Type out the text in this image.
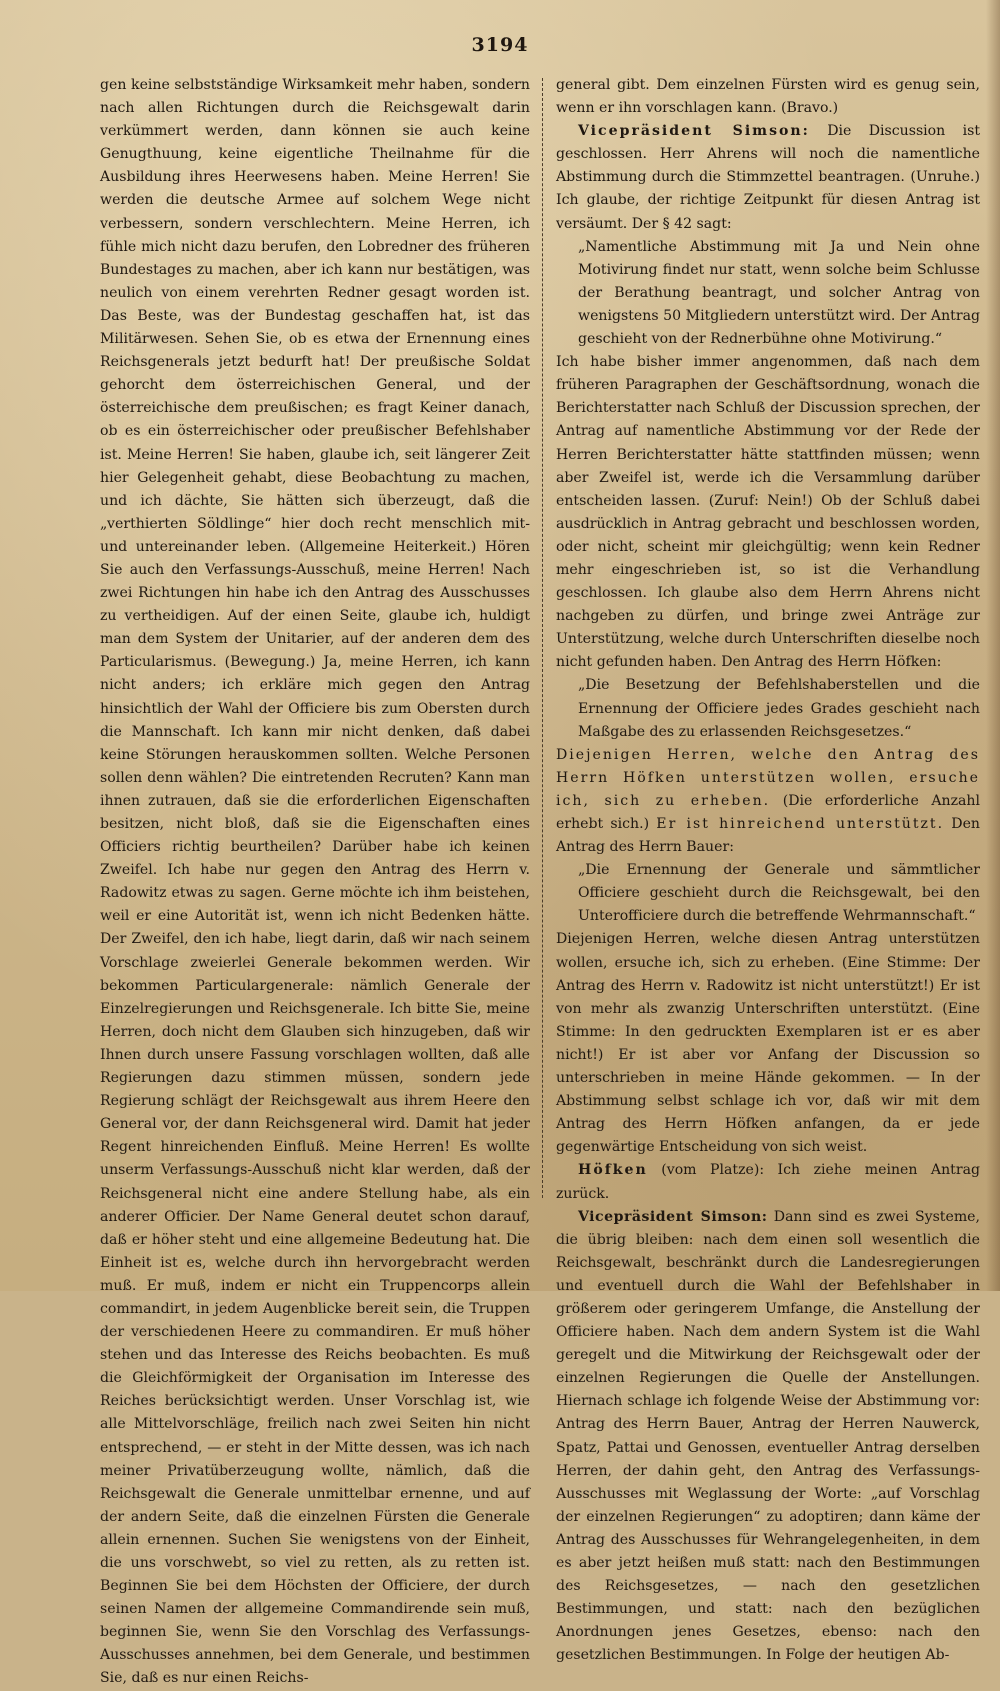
3194

gen keine selbstständige Wirksamkeit mehr haben, sondern nach allen Richtungen durch die Reichsgewalt darin verkümmert werden, dann können sie auch keine Genugthuung, keine eigentliche Theilnahme für die Ausbildung ihres Heerwesens haben. Meine Herren! Sie werden die deutsche Armee auf solchem Wege nicht verbessern, sondern verschlechtern. Meine Herren, ich fühle mich nicht dazu berufen, den Lobredner des früheren Bundestages zu machen, aber ich kann nur bestätigen, was neulich von einem verehrten Redner gesagt worden ist. Das Beste, was der Bundestag geschaffen hat, ist das Militärwesen. Sehen Sie, ob es etwa der Ernennung eines Reichsgenerals jetzt bedurft hat! Der preußische Soldat gehorcht dem österreichischen General, und der österreichische dem preußischen; es fragt Keiner danach, ob es ein österreichischer oder preußischer Befehlshaber ist. Meine Herren! Sie haben, glaube ich, seit längerer Zeit hier Gelegenheit gehabt, diese Beobachtung zu machen, und ich dächte, Sie hätten sich überzeugt, daß die „verthierten Söldlinge“ hier doch recht menschlich mit- und untereinander leben. (Allgemeine Heiterkeit.) Hören Sie auch den Verfassungs-Ausschuß, meine Herren! Nach zwei Richtungen hin habe ich den Antrag des Ausschusses zu vertheidigen. Auf der einen Seite, glaube ich, huldigt man dem System der Unitarier, auf der anderen dem des Particularismus. (Bewegung.) Ja, meine Herren, ich kann nicht anders; ich erkläre mich gegen den Antrag hinsichtlich der Wahl der Officiere bis zum Obersten durch die Mannschaft. Ich kann mir nicht denken, daß dabei keine Störungen herauskommen sollten. Welche Personen sollen denn wählen? Die eintretenden Recruten? Kann man ihnen zutrauen, daß sie die erforderlichen Eigenschaften besitzen, nicht bloß, daß sie die Eigenschaften eines Officiers richtig beurtheilen? Darüber habe ich keinen Zweifel. Ich habe nur gegen den Antrag des Herrn v. Radowitz etwas zu sagen. Gerne möchte ich ihm beistehen, weil er eine Autorität ist, wenn ich nicht Bedenken hätte. Der Zweifel, den ich habe, liegt darin, daß wir nach seinem Vorschlage zweierlei Generale bekommen werden. Wir bekommen Particulargenerale: nämlich Generale der Einzelregierungen und Reichsgenerale. Ich bitte Sie, meine Herren, doch nicht dem Glauben sich hinzugeben, daß wir Ihnen durch unsere Fassung vorschlagen wollten, daß alle Regierungen dazu stimmen müssen, sondern jede Regierung schlägt der Reichsgewalt aus ihrem Heere den General vor, der dann Reichsgeneral wird. Damit hat jeder Regent hinreichenden Einfluß. Meine Herren! Es wollte unserm Verfassungs-Ausschuß nicht klar werden, daß der Reichsgeneral nicht eine andere Stellung habe, als ein anderer Officier. Der Name General deutet schon darauf, daß er höher steht und eine allgemeine Bedeutung hat. Die Einheit ist es, welche durch ihn hervorgebracht werden muß. Er muß, indem er nicht ein Truppencorps allein commandirt, in jedem Augenblicke bereit sein, die Truppen der verschiedenen Heere zu commandiren. Er muß höher stehen und das Interesse des Reichs beobachten. Es muß die Gleichförmigkeit der Organisation im Interesse des Reiches berücksichtigt werden. Unser Vorschlag ist, wie alle Mittelvorschläge, freilich nach zwei Seiten hin nicht entsprechend, — er steht in der Mitte dessen, was ich nach meiner Privatüberzeugung wollte, nämlich, daß die Reichsgewalt die Generale unmittelbar ernenne, und auf der andern Seite, daß die einzelnen Fürsten die Generale allein ernennen. Suchen Sie wenigstens von der Einheit, die uns vorschwebt, so viel zu retten, als zu retten ist. Beginnen Sie bei dem Höchsten der Officiere, der durch seinen Namen der allgemeine Commandirende sein muß, beginnen Sie, wenn Sie den Vorschlag des Verfassungs-Ausschusses annehmen, bei dem Generale, und bestimmen Sie, daß es nur einen Reichs-

general gibt. Dem einzelnen Fürsten wird es genug sein, wenn er ihn vorschlagen kann. (Bravo.)

Vicepräsident Simson: Die Discussion ist geschlossen. Herr Ahrens will noch die namentliche Abstimmung durch die Stimmzettel beantragen. (Unruhe.) Ich glaube, der richtige Zeitpunkt für diesen Antrag ist versäumt. Der § 42 sagt:

„Namentliche Abstimmung mit Ja und Nein ohne Motivirung findet nur statt, wenn solche beim Schlusse der Berathung beantragt, und solcher Antrag von wenigstens 50 Mitgliedern unterstützt wird. Der Antrag geschieht von der Rednerbühne ohne Motivirung.“

Ich habe bisher immer angenommen, daß nach dem früheren Paragraphen der Geschäftsordnung, wonach die Berichterstatter nach Schluß der Discussion sprechen, der Antrag auf namentliche Abstimmung vor der Rede der Herren Berichterstatter hätte stattfinden müssen; wenn aber Zweifel ist, werde ich die Versammlung darüber entscheiden lassen. (Zuruf: Nein!) Ob der Schluß dabei ausdrücklich in Antrag gebracht und beschlossen worden, oder nicht, scheint mir gleichgültig; wenn kein Redner mehr eingeschrieben ist, so ist die Verhandlung geschlossen. Ich glaube also dem Herrn Ahrens nicht nachgeben zu dürfen, und bringe zwei Anträge zur Unterstützung, welche durch Unterschriften dieselbe noch nicht gefunden haben. Den Antrag des Herrn Höfken:

„Die Besetzung der Befehlshaberstellen und die Ernennung der Officiere jedes Grades geschieht nach Maßgabe des zu erlassenden Reichsgesetzes.“

Diejenigen Herren, welche den Antrag des Herrn Höfken unterstützen wollen, ersuche ich, sich zu erheben. (Die erforderliche Anzahl erhebt sich.) Er ist hinreichend unterstützt. Den Antrag des Herrn Bauer:

„Die Ernennung der Generale und sämmtlicher Officiere geschieht durch die Reichsgewalt, bei den Unterofficiere durch die betreffende Wehrmannschaft.“

Diejenigen Herren, welche diesen Antrag unterstützen wollen, ersuche ich, sich zu erheben. (Eine Stimme: Der Antrag des Herrn v. Radowitz ist nicht unterstützt!) Er ist von mehr als zwanzig Unterschriften unterstützt. (Eine Stimme: In den gedruckten Exemplaren ist er es aber nicht!) Er ist aber vor Anfang der Discussion so unterschrieben in meine Hände gekommen. — In der Abstimmung selbst schlage ich vor, daß wir mit dem Antrag des Herrn Höfken anfangen, da er jede gegenwärtige Entscheidung von sich weist.

Höfken (vom Platze): Ich ziehe meinen Antrag zurück.

Vicepräsident Simson: Dann sind es zwei Systeme, die übrig bleiben: nach dem einen soll wesentlich die Reichsgewalt, beschränkt durch die Landesregierungen und eventuell durch die Wahl der Befehlshaber in größerem oder geringerem Umfange, die Anstellung der Officiere haben. Nach dem andern System ist die Wahl geregelt und die Mitwirkung der Reichsgewalt oder der einzelnen Regierungen die Quelle der Anstellungen. Hiernach schlage ich folgende Weise der Abstimmung vor: Antrag des Herrn Bauer, Antrag der Herren Nauwerck, Spatz, Pattai und Genossen, eventueller Antrag derselben Herren, der dahin geht, den Antrag des Verfassungs-Ausschusses mit Weglassung der Worte: „auf Vorschlag der einzelnen Regierungen“ zu adoptiren; dann käme der Antrag des Ausschusses für Wehrangelegenheiten, in dem es aber jetzt heißen muß statt: nach den Bestimmungen des Reichsgesetzes, — nach den gesetzlichen Bestimmungen, und statt: nach den bezüglichen Anordnungen jenes Gesetzes, ebenso: nach den gesetzlichen Bestimmungen. In Folge der heutigen Ab-
